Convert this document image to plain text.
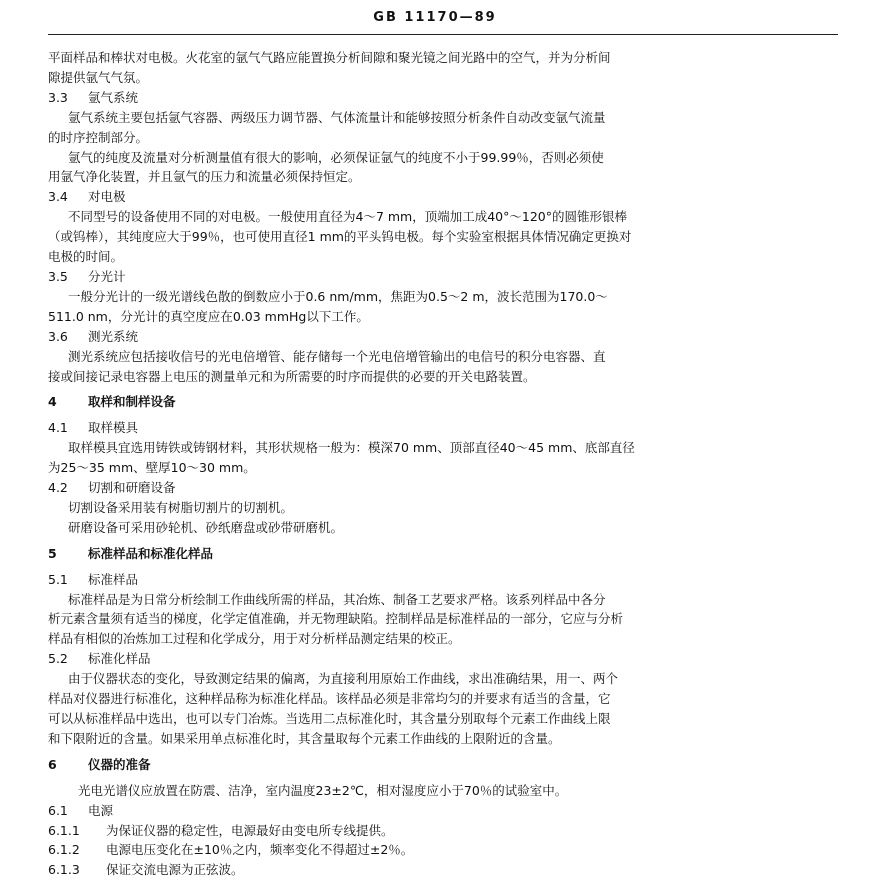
GB 11170—89

平面样品和棒状对电极。火花室的氩气气路应能置换分析间隙和聚光镜之间光路中的空气，并为分析间

隙提供氩气气氛。

3.3 氩气系统

氩气系统主要包括氩气容器、两级压力调节器、气体流量计和能够按照分析条件自动改变氩气流量

的时序控制部分。

氩气的纯度及流量对分析测量值有很大的影响，必须保证氩气的纯度不小于99.99％，否则必须使

用氩气净化装置，并且氩气的压力和流量必须保持恒定。

3.4 对电极

不同型号的设备使用不同的对电极。一般使用直径为4～7 mm，顶端加工成40°～120°的圆锥形银棒

（或钨棒），其纯度应大于99％，也可使用直径1 mm的平头钨电极。每个实验室根据具体情况确定更换对

电极的时间。

3.5 分光计

一般分光计的一级光谱线色散的倒数应小于0.6 nm/mm，焦距为0.5～2 m，波长范围为170.0～

511.0 nm，分光计的真空度应在0.03 mmHg以下工作。

3.6 测光系统

测光系统应包括接收信号的光电倍增管、能存储每一个光电倍增管输出的电信号的积分电容器、直

接或间接记录电容器上电压的测量单元和为所需要的时序而提供的必要的开关电路装置。

4	取样和制样设备

4.1 取样模具

取样模具宜选用铸铁或铸钢材料，其形状规格一般为：模深70 mm、顶部直径40～45 mm、底部直径

为25～35 mm、壁厚10～30 mm。

4.2 切割和研磨设备

切割设备采用装有树脂切割片的切割机。

研磨设备可采用砂轮机、砂纸磨盘或砂带研磨机。

5	标准样品和标准化样品

5.1 标准样品

标准样品是为日常分析绘制工作曲线所需的样品，其冶炼、制备工艺要求严格。该系列样品中各分

析元素含量须有适当的梯度，化学定值准确，并无物理缺陷。控制样品是标准样品的一部分，它应与分析

样品有相似的冶炼加工过程和化学成分，用于对分析样品测定结果的校正。

5.2 标准化样品

由于仪器状态的变化，导致测定结果的偏离，为直接利用原始工作曲线，求出准确结果，用一、两个

样品对仪器进行标准化，这种样品称为标准化样品。该样品必须是非常均匀的并要求有适当的含量，它

可以从标准样品中选出，也可以专门冶炼。当选用二点标准化时，其含量分别取每个元素工作曲线上限

和下限附近的含量。如果采用单点标准化时，其含量取每个元素工作曲线的上限附近的含量。

6	仪器的准备

光电光谱仪应放置在防震、洁净，室内温度23±2℃，相对湿度应小于70％的试验室中。

6.1 电源

6.1.1 为保证仪器的稳定性，电源最好由变电所专线提供。

6.1.2 电源电压变化在±10％之内，频率变化不得超过±2％。

6.1.3 保证交流电源为正弦波。
